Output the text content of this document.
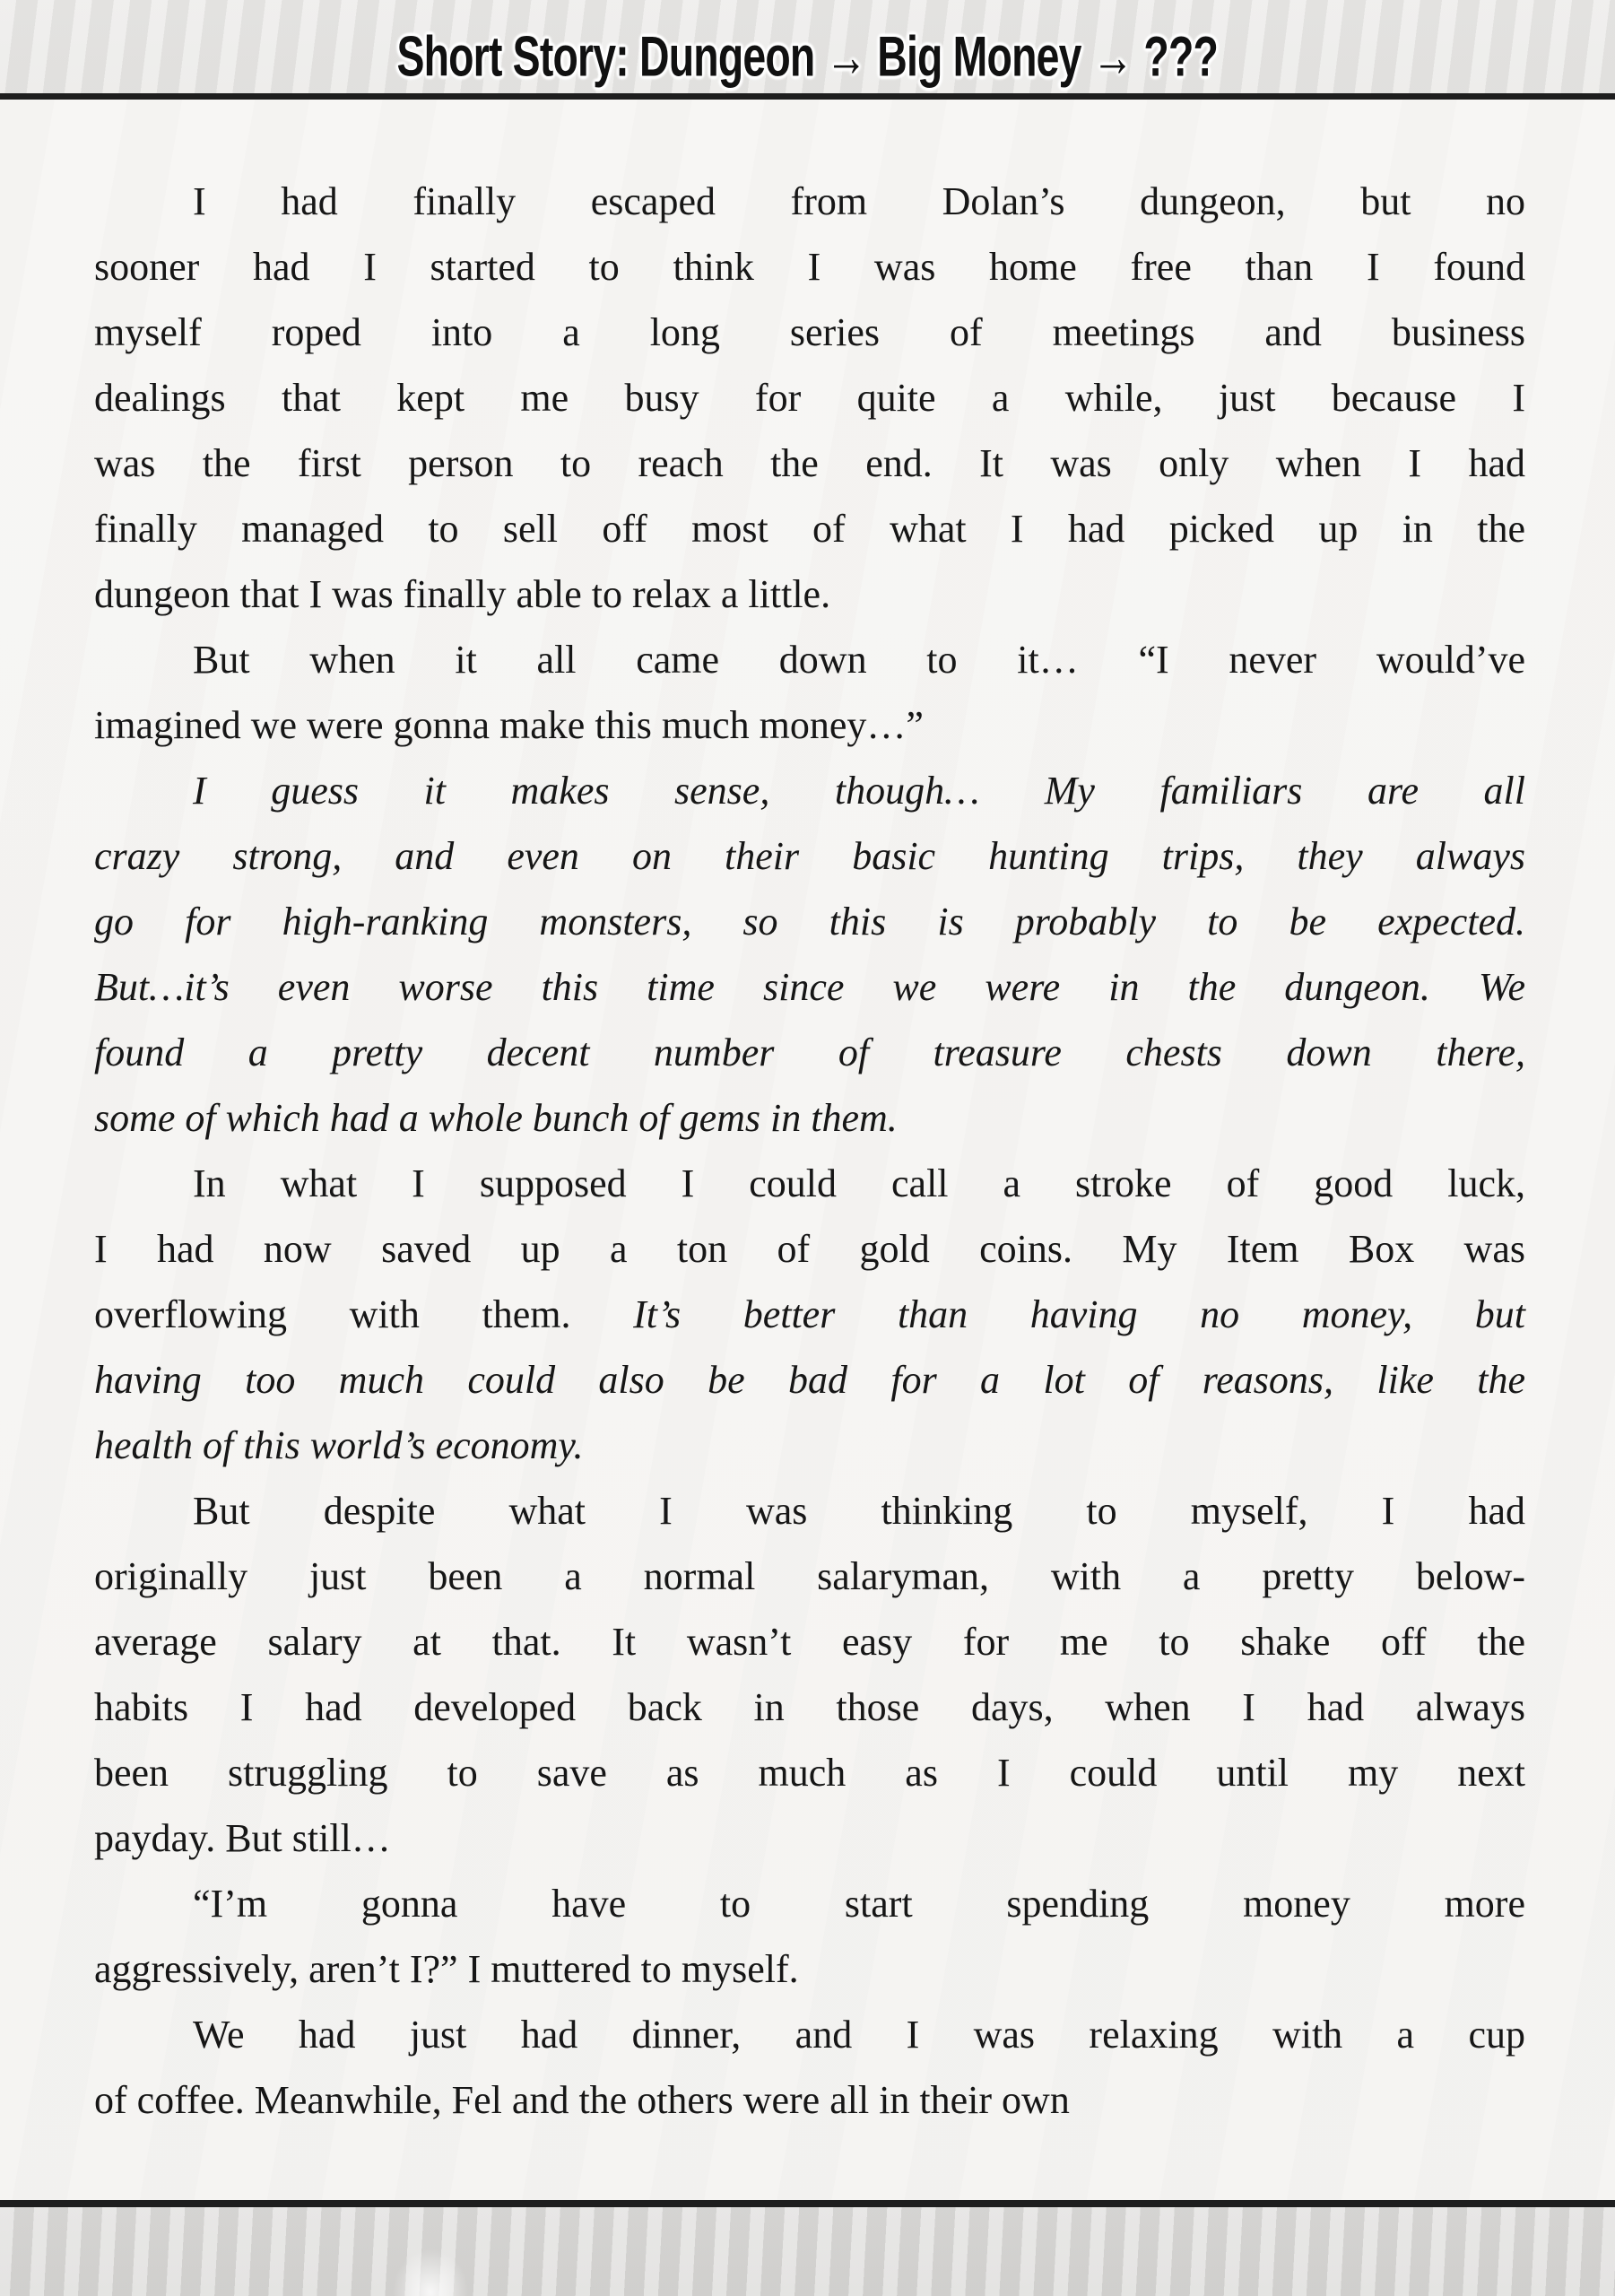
Short Story: Dungeon → Big Money → ???
I had finally escaped from Dolan’s dungeon, but no
sooner had I started to think I was home free than I found
myself roped into a long series of meetings and business
dealings that kept me busy for quite a while, just because I
was the first person to reach the end. It was only when I had
finally managed to sell off most of what I had picked up in the
dungeon that I was finally able to relax a little.
But when it all came down to it… “I never would’ve
imagined we were gonna make this much money…”
I guess it makes sense, though… My familiars are all
crazy strong, and even on their basic hunting trips, they always
go for high-ranking monsters, so this is probably to be expected.
But…it’s even worse this time since we were in the dungeon. We
found a pretty decent number of treasure chests down there,
some of which had a whole bunch of gems in them.
In what I supposed I could call a stroke of good luck,
I had now saved up a ton of gold coins. My Item Box was
overflowing with them. It’s better than having no money, but
having too much could also be bad for a lot of reasons, like the
health of this world’s economy.
But despite what I was thinking to myself, I had
originally just been a normal salaryman, with a pretty below-
average salary at that. It wasn’t easy for me to shake off the
habits I had developed back in those days, when I had always
been struggling to save as much as I could until my next
payday. But still…
“I’m gonna have to start spending money more
aggressively, aren’t I?” I muttered to myself.
We had just had dinner, and I was relaxing with a cup
of coffee. Meanwhile, Fel and the others were all in their own
